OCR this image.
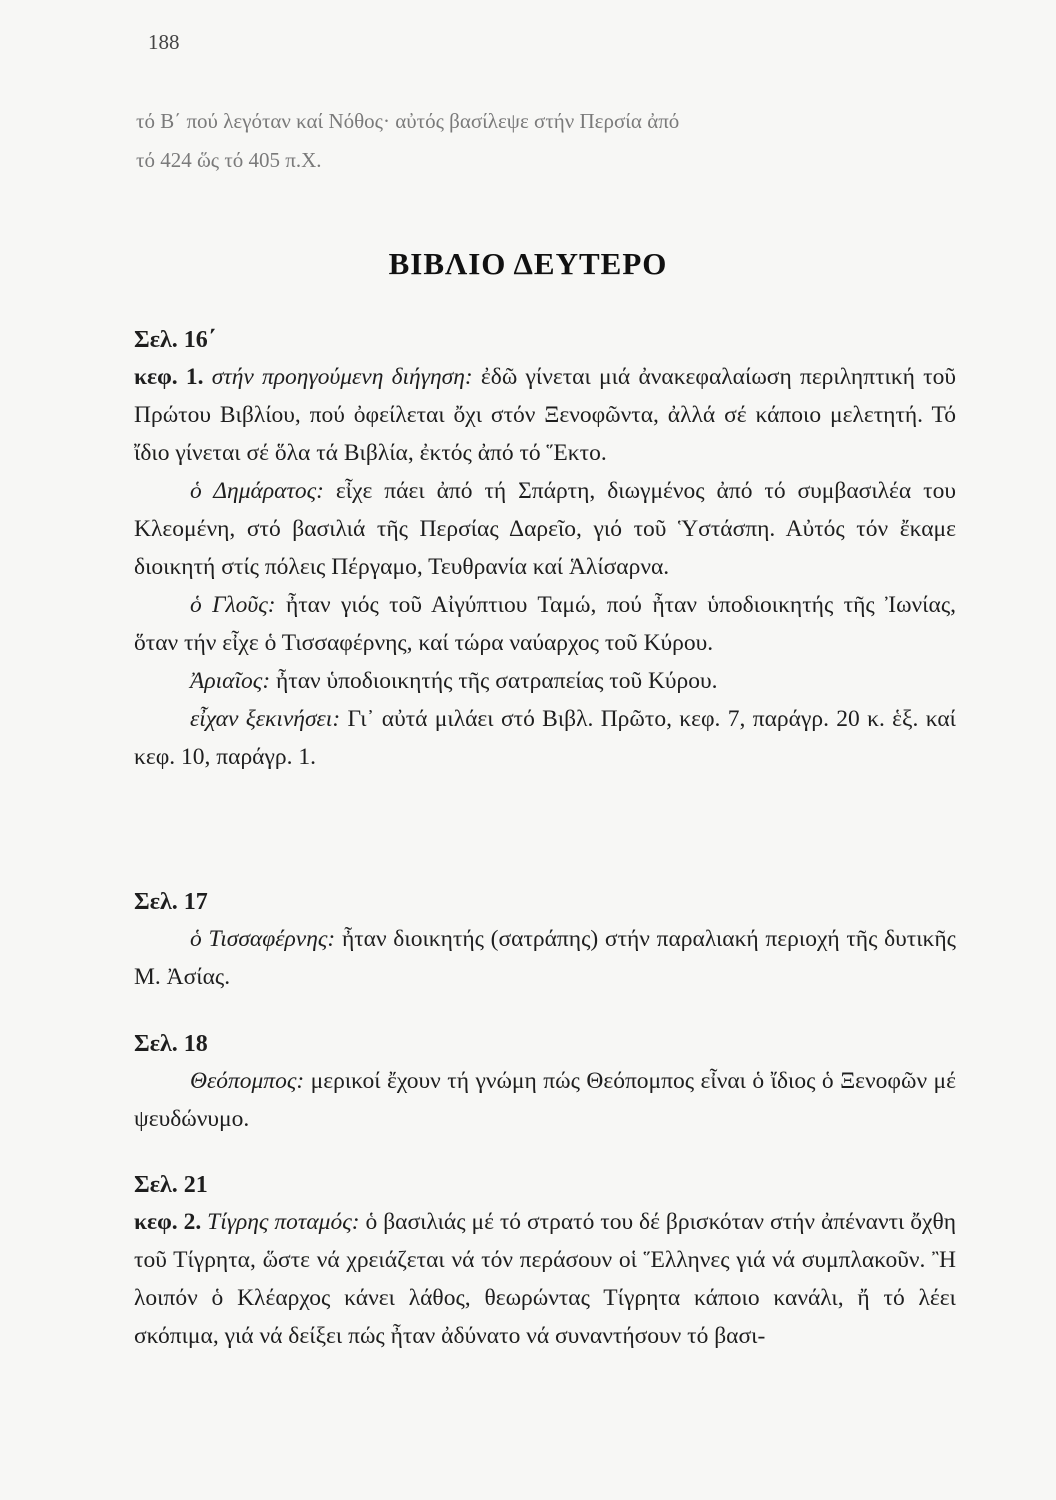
188

τό Β΄ πού λεγόταν καί Νόθος· αὐτός βασίλεψε στήν Περσία ἀπό

τό 424 ὥς τό 405 π.Χ.

ΒΙΒΛΙΟ ΔΕΥΤΕΡΟ

Σελ. 16΄

κεφ. 1. στήν προηγούμενη διήγηση: ἐδῶ γίνεται μιά ἀνακεφαλαίωση περιληπτική τοῦ Πρώτου Βιβλίου, πού ὀφείλεται ὄχι στόν Ξενοφῶντα, ἀλλά σέ κάποιο μελετητή. Τό ἴδιο γίνεται σέ ὅλα τά Βιβλία, ἐκτός ἀπό τό Ἕκτο.

ὁ Δημάρατος: εἶχε πάει ἀπό τή Σπάρτη, διωγμένος ἀπό τό συμβασιλέα του Κλεομένη, στό βασιλιά τῆς Περσίας Δαρεῖο, γιό τοῦ Ὑστάσπη. Αὐτός τόν ἔκαμε διοικητή στίς πόλεις Πέργαμο, Τευθρανία καί Ἁλίσαρνα.

ὁ Γλοῦς: ἦταν γιός τοῦ Αἰγύπτιου Ταμώ, πού ἦταν ὑποδιοικητής τῆς Ἰωνίας, ὅταν τήν εἶχε ὁ Τισσαφέρνης, καί τώρα ναύαρχος τοῦ Κύρου.

Ἀριαῖος: ἦταν ὑποδιοικητής τῆς σατραπείας τοῦ Κύρου.

εἶχαν ξεκινήσει: Γι᾽ αὐτά μιλάει στό Βιβλ. Πρῶτο, κεφ. 7, παράγρ. 20 κ. ἑξ. καί κεφ. 10, παράγρ. 1.

Σελ. 17

ὁ Τισσαφέρνης: ἦταν διοικητής (σατράπης) στήν παραλιακή περιοχή τῆς δυτικῆς Μ. Ἀσίας.

Σελ. 18

Θεόπομπος: μερικοί ἔχουν τή γνώμη πώς Θεόπομπος εἶναι ὁ ἴδιος ὁ Ξενοφῶν μέ ψευδώνυμο.

Σελ. 21

κεφ. 2. Τίγρης ποταμός: ὁ βασιλιάς μέ τό στρατό του δέ βρισκόταν στήν ἀπέναντι ὄχθη τοῦ Τίγρητα, ὥστε νά χρειάζεται νά τόν περάσουν οἱ Ἕλληνες γιά νά συμπλακοῦν. Ἢ λοιπόν ὁ Κλέαρχος κάνει λάθος, θεωρώντας Τίγρητα κάποιο κανάλι, ἤ τό λέει σκόπιμα, γιά νά δείξει πώς ἦταν ἀδύνατο νά συναντήσουν τό βασι-
